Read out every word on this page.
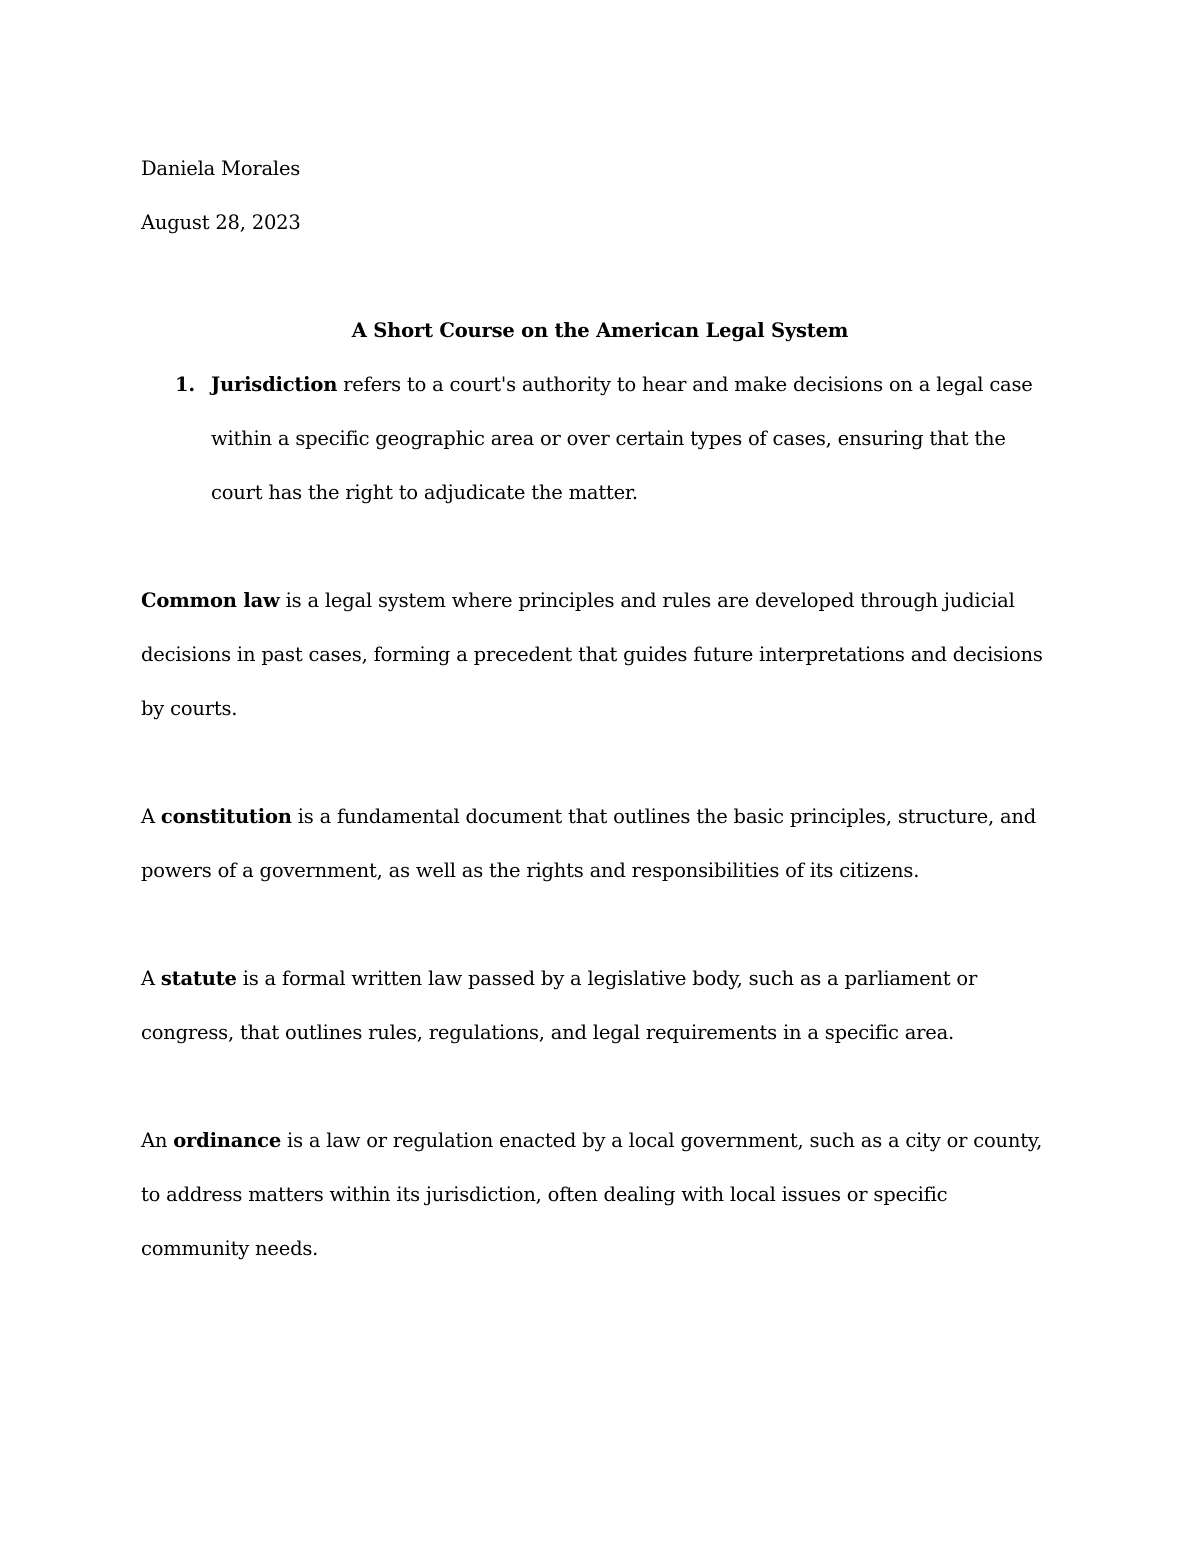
Daniela Morales

August 28, 2023

A Short Course on the American Legal System

1. Jurisdiction refers to a court's authority to hear and make decisions on a legal case within a specific geographic area or over certain types of cases, ensuring that the court has the right to adjudicate the matter.

Common law is a legal system where principles and rules are developed through judicial decisions in past cases, forming a precedent that guides future interpretations and decisions by courts.

A constitution is a fundamental document that outlines the basic principles, structure, and powers of a government, as well as the rights and responsibilities of its citizens.

A statute is a formal written law passed by a legislative body, such as a parliament or congress, that outlines rules, regulations, and legal requirements in a specific area.

An ordinance is a law or regulation enacted by a local government, such as a city or county, to address matters within its jurisdiction, often dealing with local issues or specific community needs.
